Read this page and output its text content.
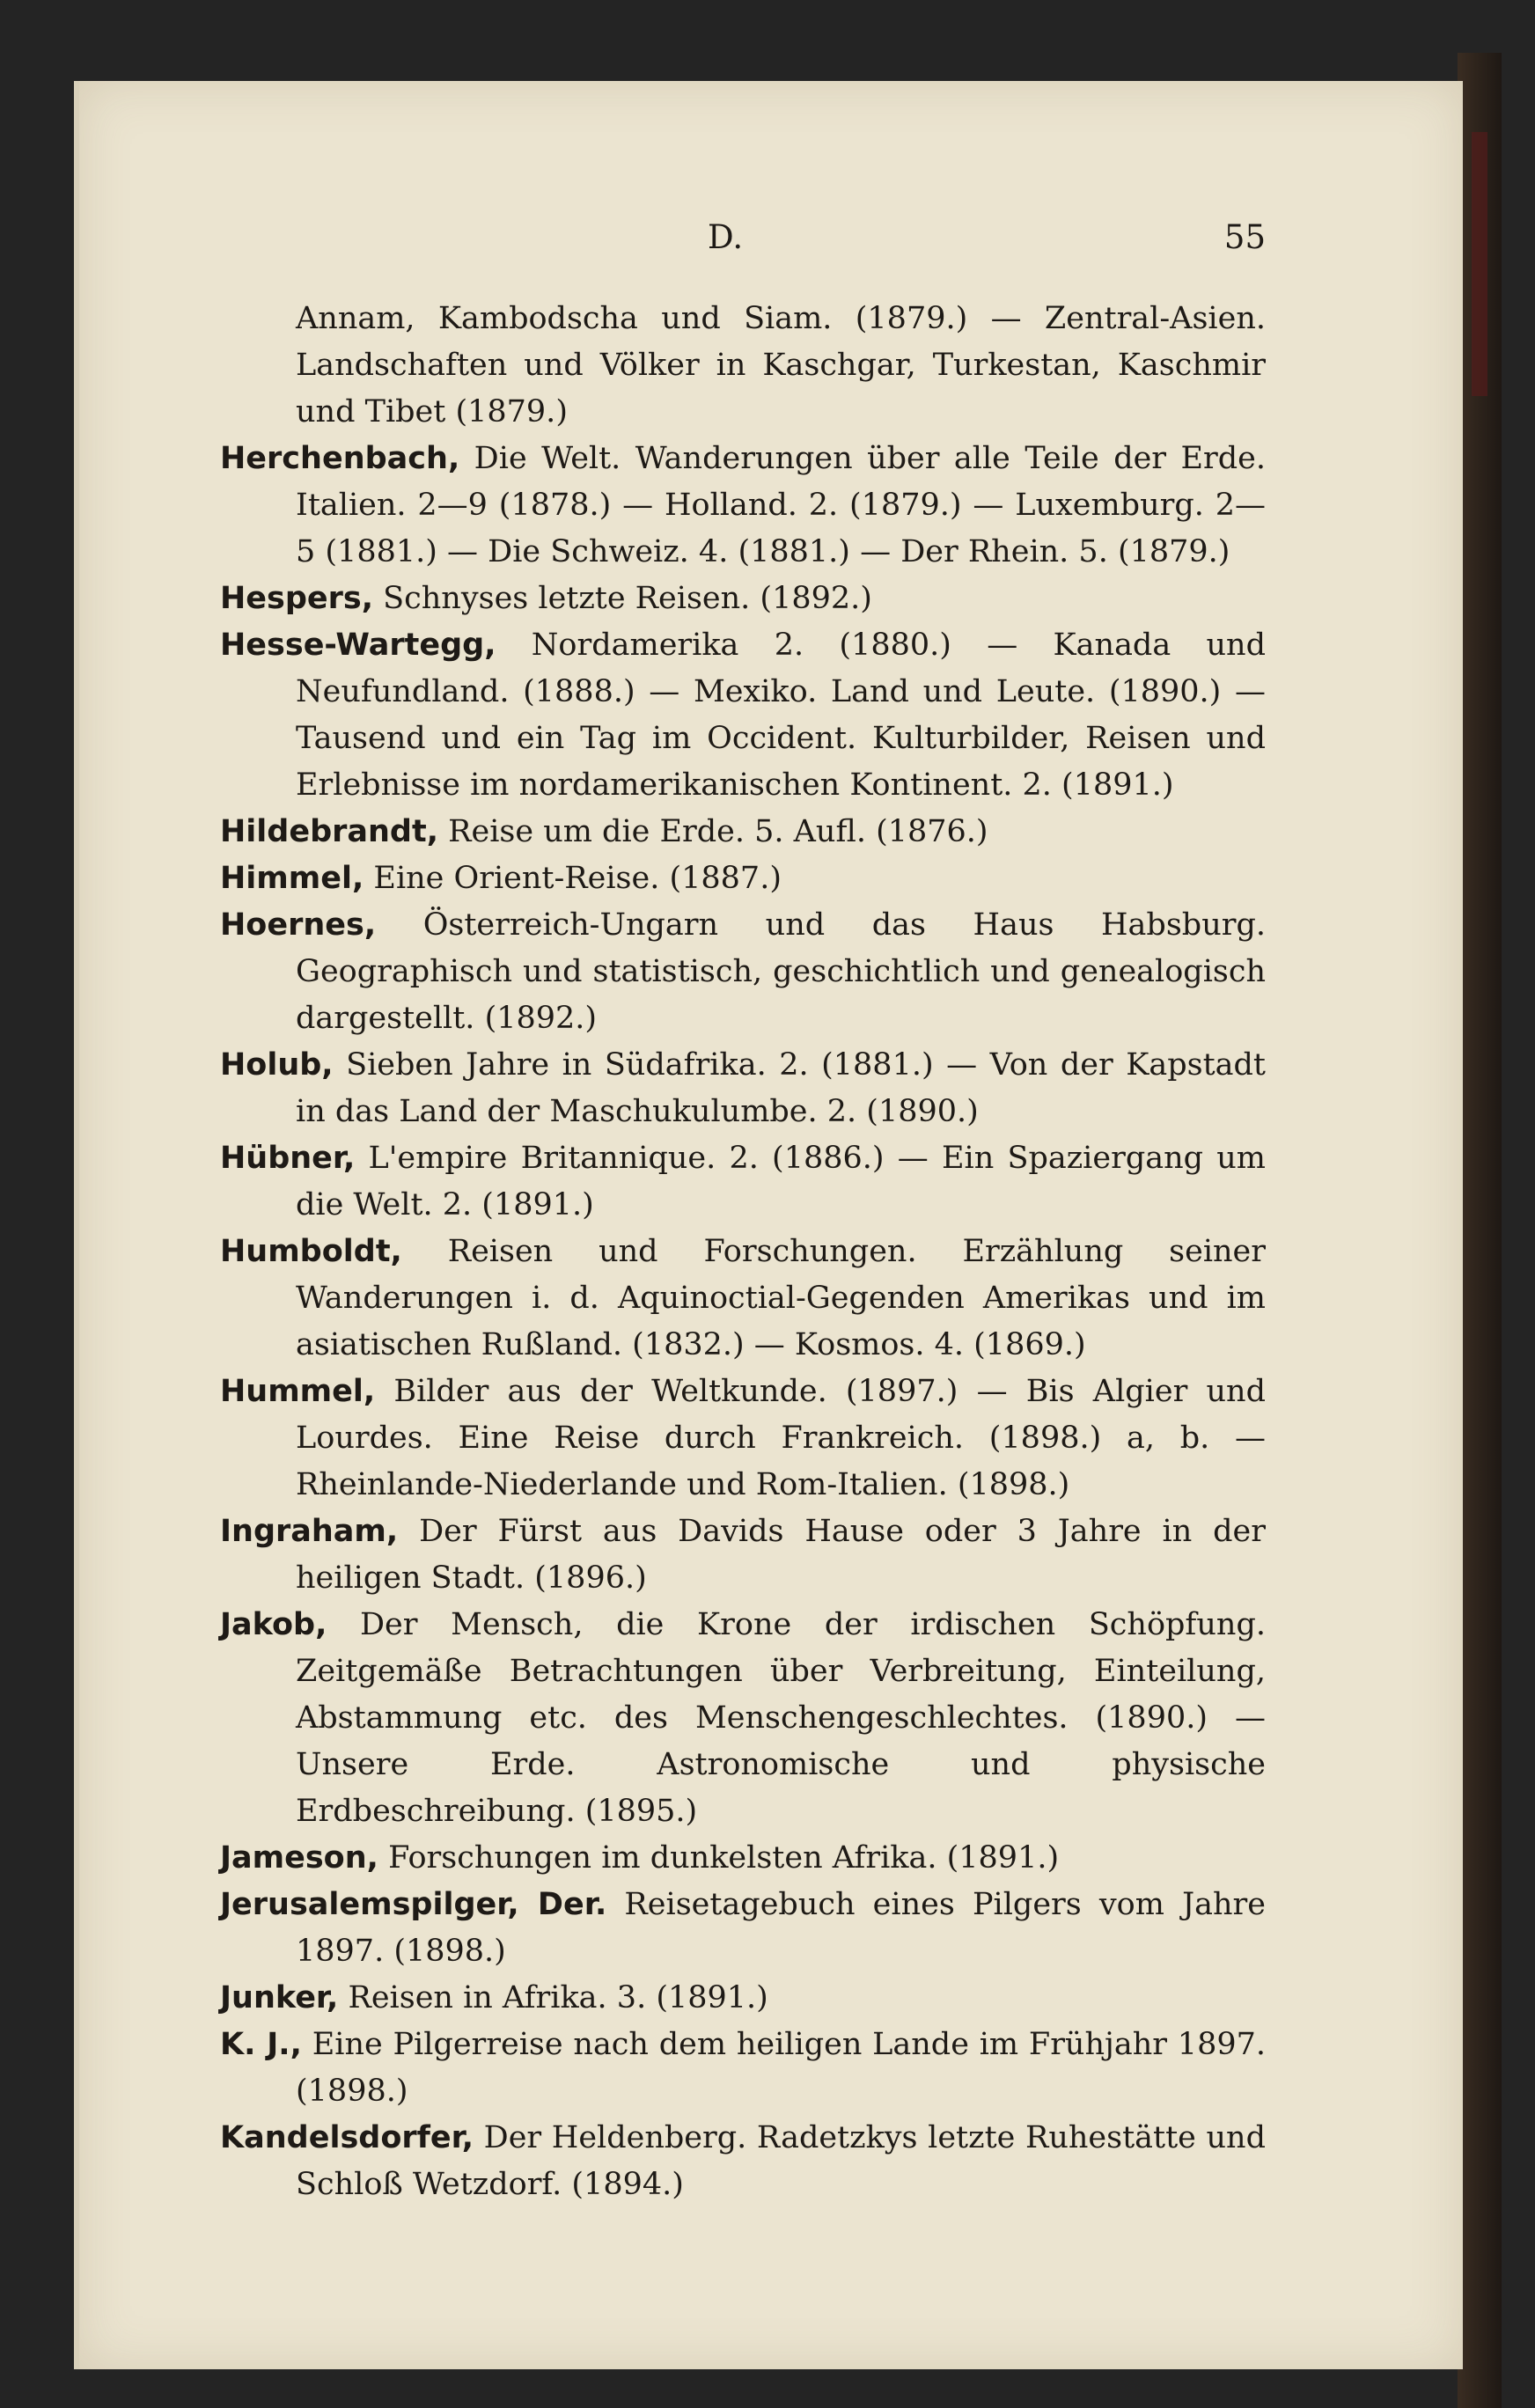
D.	55
Annam, Kambodscha und Siam. (1879.) — Zentral-Asien. Landschaften und Völker in Kaschgar, Turkestan, Kaschmir und Tibet (1879.)
Herchenbach, Die Welt. Wanderungen über alle Teile der Erde. Italien. 2—9 (1878.) — Holland. 2. (1879.) — Luxemburg. 2—5 (1881.) — Die Schweiz. 4. (1881.) — Der Rhein. 5. (1879.)
Hespers, Schnyses letzte Reisen. (1892.)
Hesse-Wartegg, Nordamerika 2. (1880.) — Kanada und Neufundland. (1888.) — Mexiko. Land und Leute. (1890.) — Tausend und ein Tag im Occident. Kulturbilder, Reisen und Erlebnisse im nordamerikanischen Kontinent. 2. (1891.)
Hildebrandt, Reise um die Erde. 5. Aufl. (1876.)
Himmel, Eine Orient-Reise. (1887.)
Hoernes, Österreich-Ungarn und das Haus Habsburg. Geographisch und statistisch, geschichtlich und genealogisch dargestellt. (1892.)
Holub, Sieben Jahre in Südafrika. 2. (1881.) — Von der Kapstadt in das Land der Maschukulumbe. 2. (1890.)
Hübner, L'empire Britannique. 2. (1886.) — Ein Spaziergang um die Welt. 2. (1891.)
Humboldt, Reisen und Forschungen. Erzählung seiner Wanderungen i. d. Aquinoctial-Gegenden Amerikas und im asiatischen Rußland. (1832.) — Kosmos. 4. (1869.)
Hummel, Bilder aus der Weltkunde. (1897.) — Bis Algier und Lourdes. Eine Reise durch Frankreich. (1898.) a, b. — Rheinlande-Niederlande und Rom-Italien. (1898.)
Ingraham, Der Fürst aus Davids Hause oder 3 Jahre in der heiligen Stadt. (1896.)
Jakob, Der Mensch, die Krone der irdischen Schöpfung. Zeitgemäße Betrachtungen über Verbreitung, Einteilung, Abstammung etc. des Menschengeschlechtes. (1890.) — Unsere Erde. Astronomische und physische Erdbeschreibung. (1895.)
Jameson, Forschungen im dunkelsten Afrika. (1891.)
Jerusalemspilger, Der. Reisetagebuch eines Pilgers vom Jahre 1897. (1898.)
Junker, Reisen in Afrika. 3. (1891.)
K. J., Eine Pilgerreise nach dem heiligen Lande im Frühjahr 1897. (1898.)
Kandelsdorfer, Der Heldenberg. Radetzkys letzte Ruhestätte und Schloß Wetzdorf. (1894.)
